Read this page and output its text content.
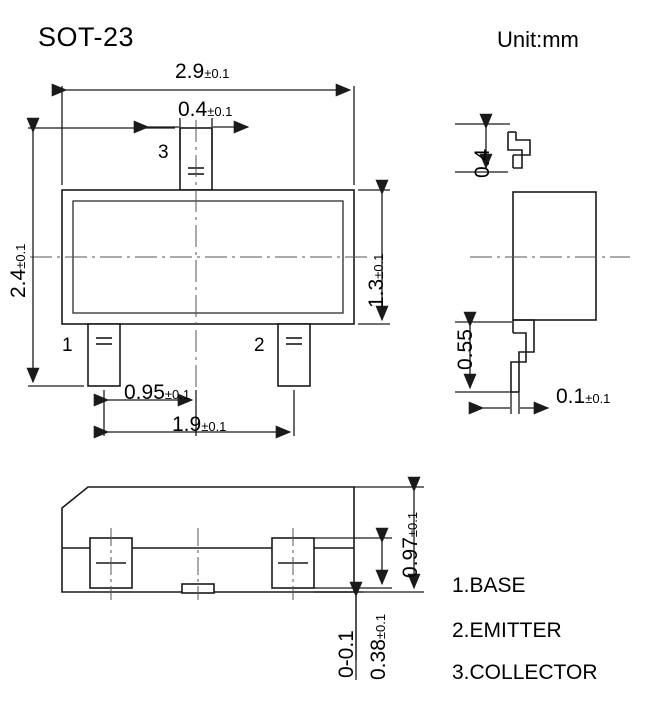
SOT-23	Unit:mm
2.9±0.1
0.4±0.1
2.4±0.1
1.3±0.1
0.95±0.1
1.9±0.1
1	2
3	0.4
0.55
0.1±0.1
0.97±0.1
0.38±0.1
0-0.1
1.BASE
2.EMITTER
3.COLLECTOR
